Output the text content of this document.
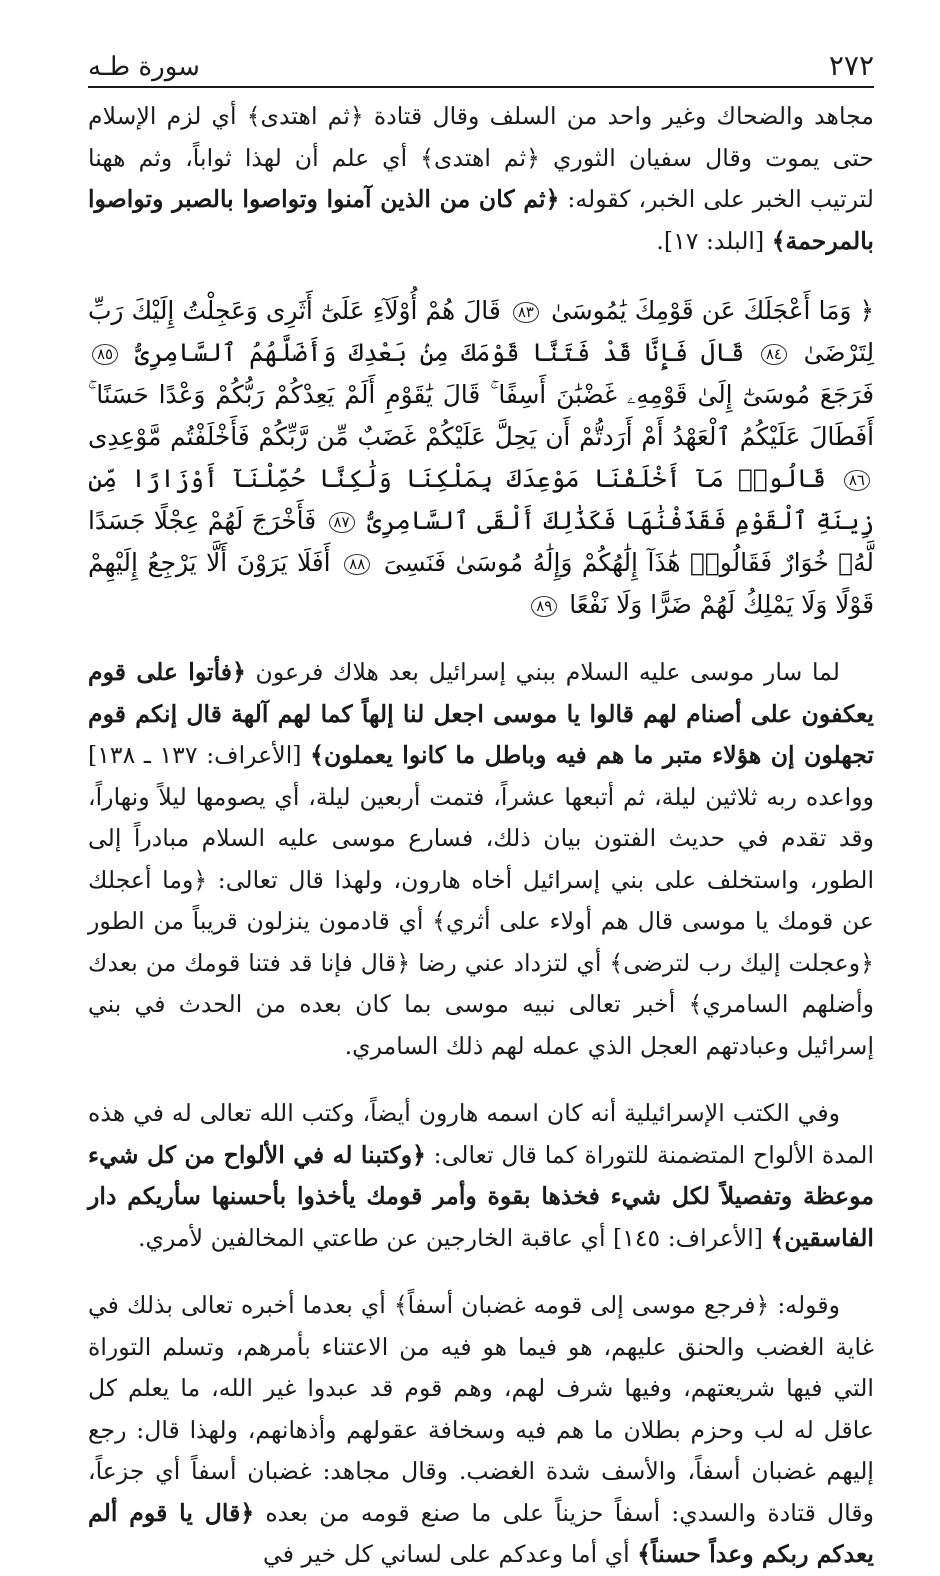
٢٧٢
سورة طـه

مجاهد والضحاك وغير واحد من السلف وقال قتادة ﴿ثم اهتدى﴾ أي لزم الإسلام حتى يموت وقال سفيان الثوري ﴿ثم اهتدى﴾ أي علم أن لهذا ثواباً، وثم ههنا لترتيب الخبر على الخبر، كقوله: ﴿ثم كان من الذين آمنوا وتواصوا بالصبر وتواصوا بالمرحمة﴾ [البلد: ١٧].

﴿ وَمَا أَعْجَلَكَ عَن قَوْمِكَ يَٰمُوسَىٰ ٨٣ قَالَ هُمْ أُوْلَآءِ عَلَىٰٓ أَثَرِى وَعَجِلْتُ إِلَيْكَ رَبِّ لِتَرْضَىٰ ٨٤ قَالَ فَإِنَّا قَدْ فَتَنَّا قَوْمَكَ مِنۢ بَعْدِكَ وَأَضَلَّهُمُ ٱلسَّامِرِىُّ ٨٥ فَرَجَعَ مُوسَىٰٓ إِلَىٰ قَوْمِهِۦ غَضْبَٰنَ أَسِفًا ۚ قَالَ يَٰقَوْمِ أَلَمْ يَعِدْكُمْ رَبُّكُمْ وَعْدًا حَسَنًا ۚ أَفَطَالَ عَلَيْكُمُ ٱلْعَهْدُ أَمْ أَرَدتُّمْ أَن يَحِلَّ عَلَيْكُمْ غَضَبٌ مِّن رَّبِّكُمْ فَأَخْلَفْتُم مَّوْعِدِى ٨٦ قَالُوا۟ مَآ أَخْلَفْنَا مَوْعِدَكَ بِمَلْكِنَا وَلَٰكِنَّا حُمِّلْنَآ أَوْزَارًا مِّن زِينَةِ ٱلْقَوْمِ فَقَذَفْنَٰهَا فَكَذَٰلِكَ أَلْقَى ٱلسَّامِرِىُّ ٨٧ فَأَخْرَجَ لَهُمْ عِجْلًا جَسَدًا لَّهُۥ خُوَارٌ فَقَالُوا۟ هَٰذَآ إِلَٰهُكُمْ وَإِلَٰهُ مُوسَىٰ فَنَسِىَ ٨٨ أَفَلَا يَرَوْنَ أَلَّا يَرْجِعُ إِلَيْهِمْ قَوْلًا وَلَا يَمْلِكُ لَهُمْ ضَرًّا وَلَا نَفْعًا ٨٩

لما سار موسى عليه السلام ببني إسرائيل بعد هلاك فرعون ﴿فأتوا على قوم يعكفون على أصنام لهم قالوا يا موسى اجعل لنا إلهاً كما لهم آلهة قال إنكم قوم تجهلون إن هؤلاء متبر ما هم فيه وباطل ما كانوا يعملون﴾ [الأعراف: ١٣٧ ـ ١٣٨] وواعده ربه ثلاثين ليلة، ثم أتبعها عشراً، فتمت أربعين ليلة، أي يصومها ليلاً ونهاراً، وقد تقدم في حديث الفتون بيان ذلك، فسارع موسى عليه السلام مبادراً إلى الطور، واستخلف على بني إسرائيل أخاه هارون، ولهذا قال تعالى: ﴿وما أعجلك عن قومك يا موسى قال هم أولاء على أثري﴾ أي قادمون ينزلون قريباً من الطور ﴿وعجلت إليك رب لترضى﴾ أي لتزداد عني رضا ﴿قال فإنا قد فتنا قومك من بعدك وأضلهم السامري﴾ أخبر تعالى نبيه موسى بما كان بعده من الحدث في بني إسرائيل وعبادتهم العجل الذي عمله لهم ذلك السامري.

وفي الكتب الإسرائيلية أنه كان اسمه هارون أيضاً، وكتب الله تعالى له في هذه المدة الألواح المتضمنة للتوراة كما قال تعالى: ﴿وكتبنا له في الألواح من كل شيء موعظة وتفصيلاً لكل شيء فخذها بقوة وأمر قومك يأخذوا بأحسنها سأريكم دار الفاسقين﴾ [الأعراف: ١٤٥] أي عاقبة الخارجين عن طاعتي المخالفين لأمري.

وقوله: ﴿فرجع موسى إلى قومه غضبان أسفاً﴾ أي بعدما أخبره تعالى بذلك في غاية الغضب والحنق عليهم، هو فيما هو فيه من الاعتناء بأمرهم، وتسلم التوراة التي فيها شريعتهم، وفيها شرف لهم، وهم قوم قد عبدوا غير الله، ما يعلم كل عاقل له لب وحزم بطلان ما هم فيه وسخافة عقولهم وأذهانهم، ولهذا قال: رجع إليهم غضبان أسفاً، والأسف شدة الغضب. وقال مجاهد: غضبان أسفاً أي جزعاً، وقال قتادة والسدي: أسفاً حزيناً على ما صنع قومه من بعده ﴿قال يا قوم ألم يعدكم ربكم وعداً حسناً﴾ أي أما وعدكم على لساني كل خير في
